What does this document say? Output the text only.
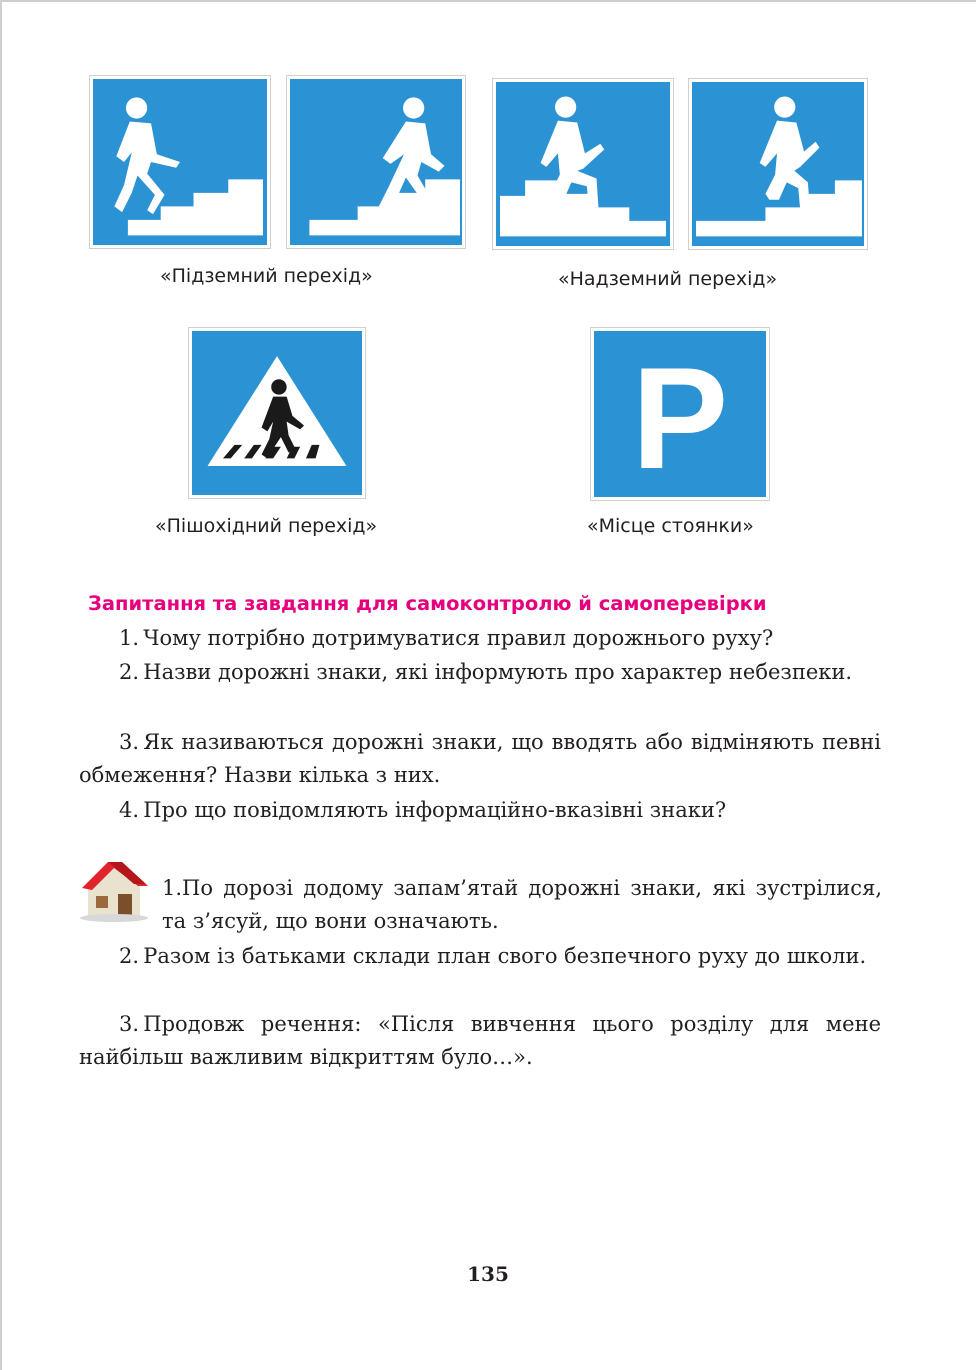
«Підземний перехід»	«Надземний перехід»
P
«Пішохідний перехід»	«Місце стоянки»
Запитання та завдання для самоконтролю й самоперевірки
1.  Чому потрібно дотримуватися правил дорожнього руху?
2.  Назви дорожні знаки, які інформують про характер небезпеки.
3.  Як називаються дорожні знаки, що вводять або відміняють певні обмеження? Назви кілька з них.
4.  Про що повідомляють інформаційно-вказівні знаки?
1.По дорозі додому запам’ятай дорожні знаки, які зустрілися, та з’ясуй, що вони означають.
2.  Разом із батьками склади план свого безпечного руху до школи.
3.  Продовж речення: «Після вивчення цього розділу для мене найбільш важливим відкриттям було…».
135
